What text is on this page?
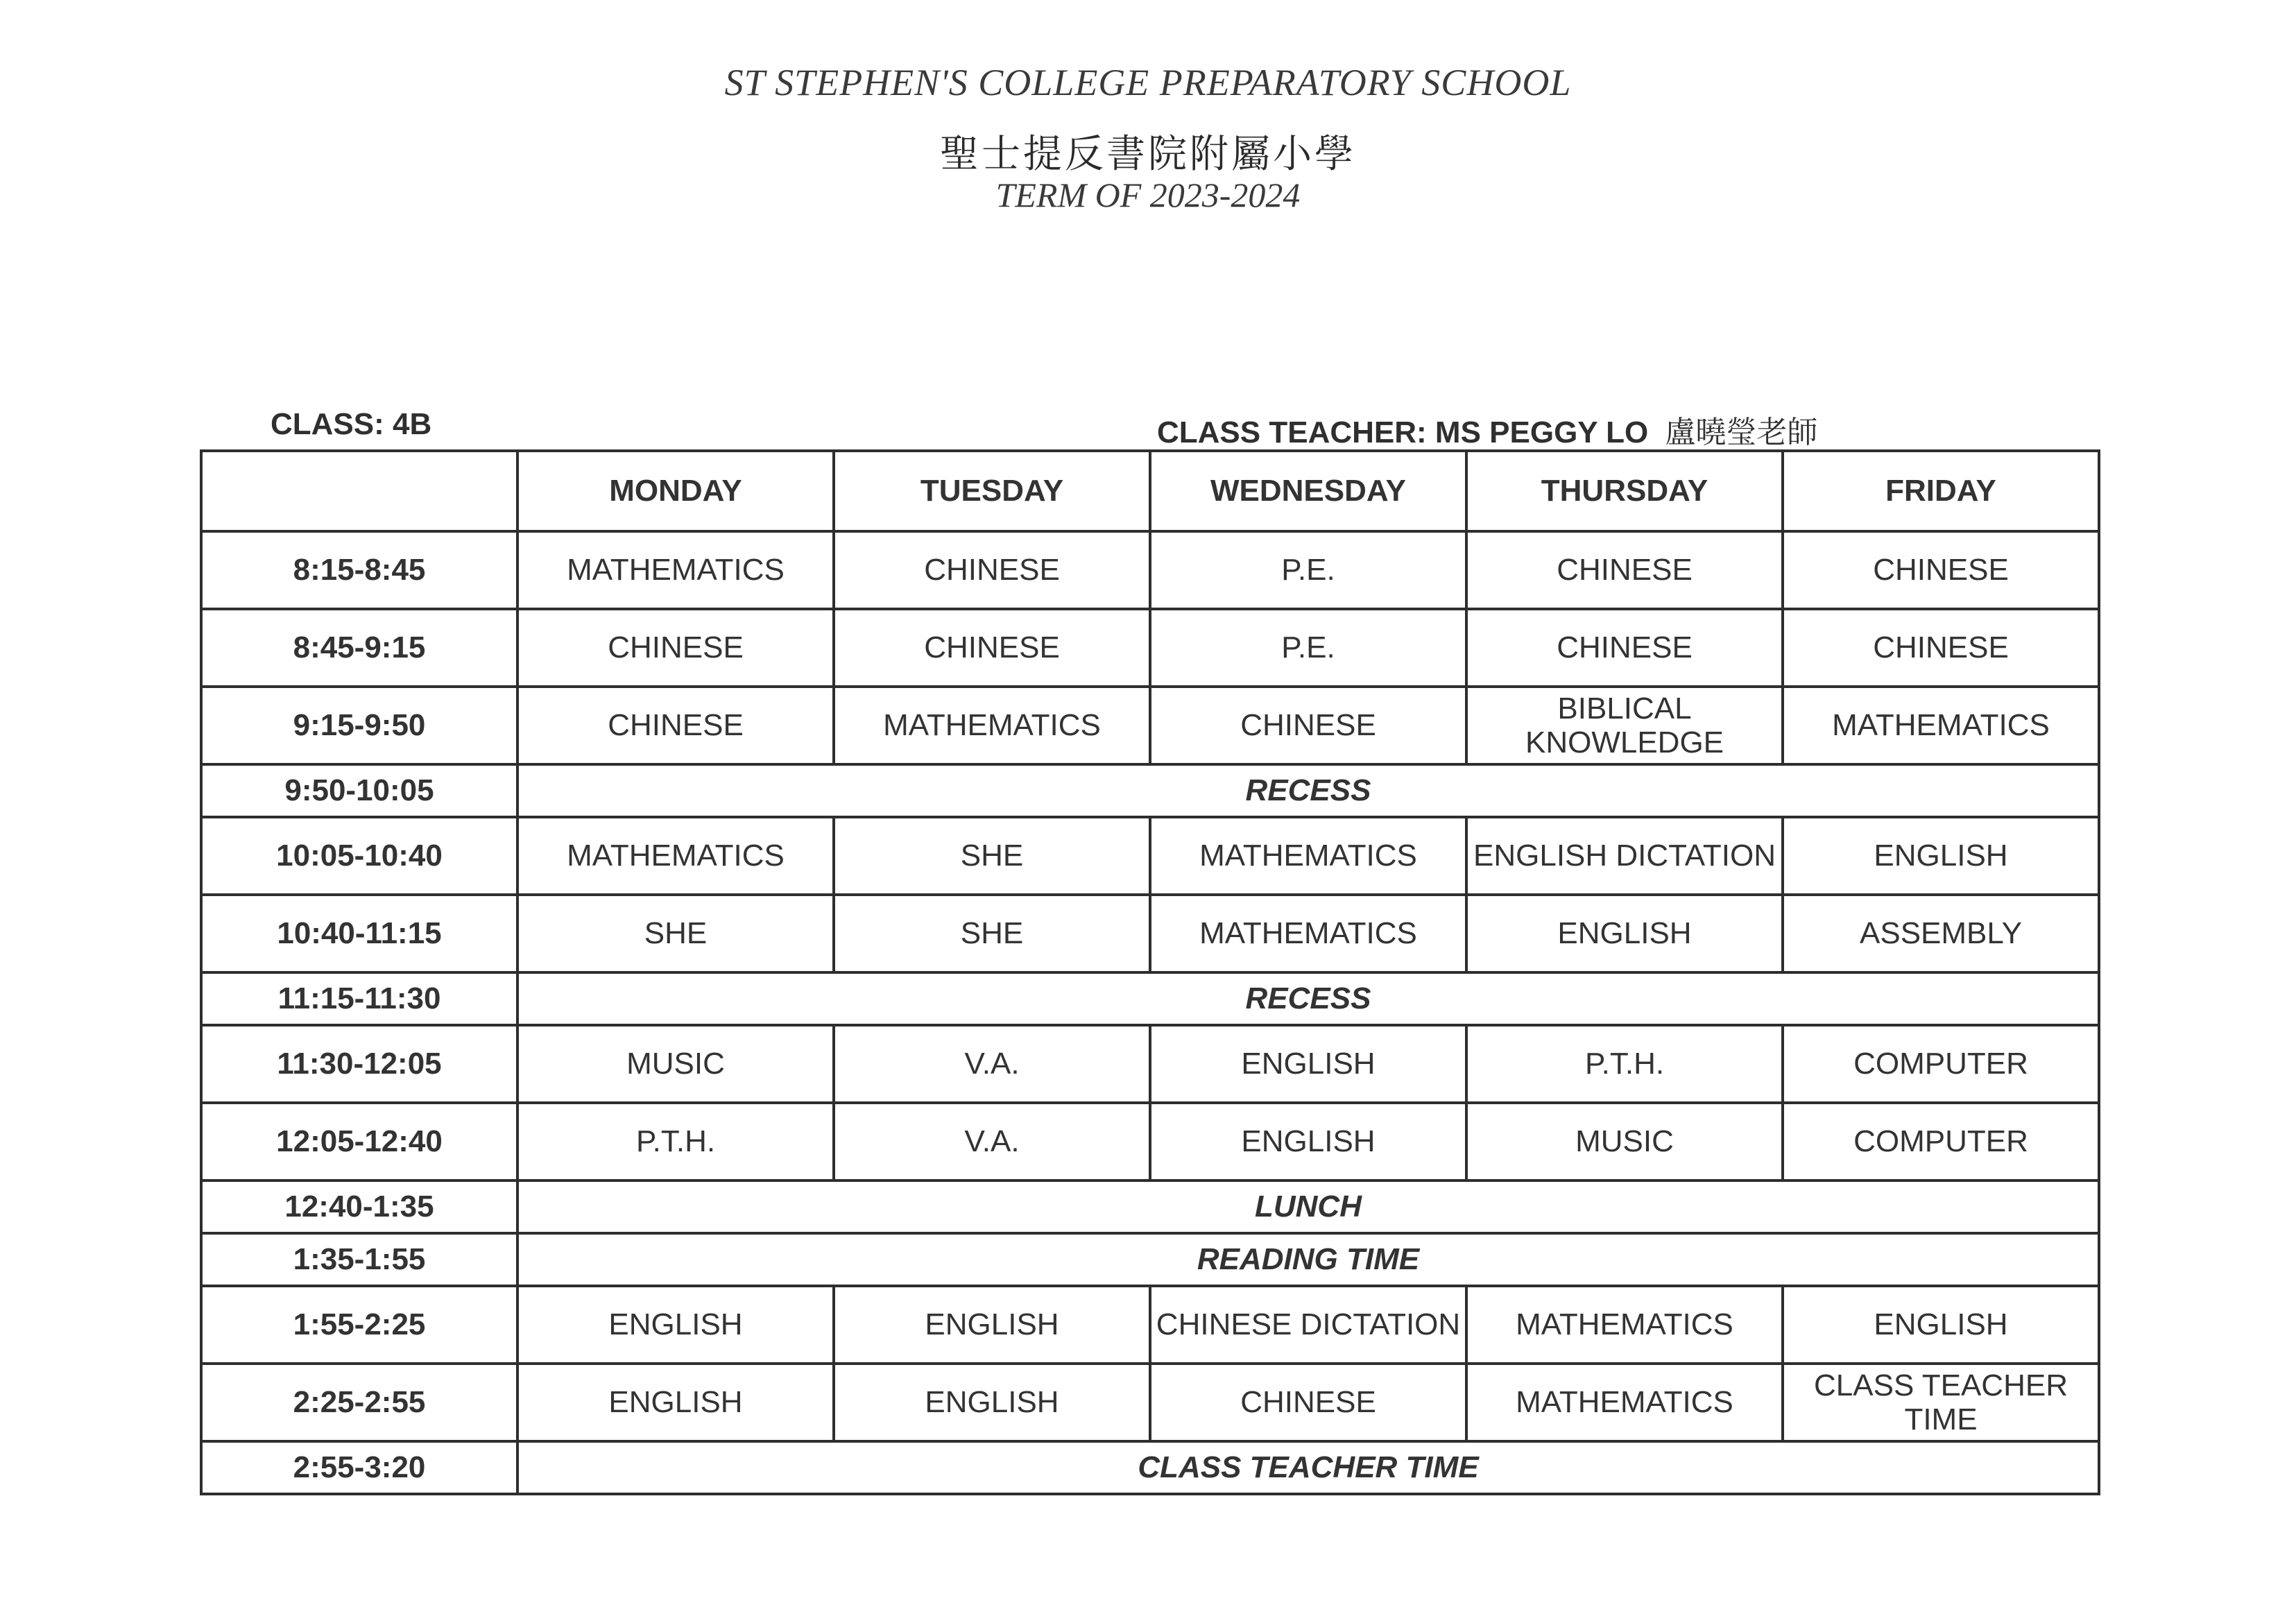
ST STEPHEN'S COLLEGE PREPARATORY SCHOOL
聖士提反書院附屬小學
TERM OF 2023-2024
CLASS: 4B	CLASS TEACHER: MS PEGGY LO 盧曉瑩老師
	MONDAY	TUESDAY	WEDNESDAY	THURSDAY	FRIDAY
8:15-8:45	MATHEMATICS	CHINESE	P.E.	CHINESE	CHINESE
8:45-9:15	CHINESE	CHINESE	P.E.	CHINESE	CHINESE
9:15-9:50	CHINESE	MATHEMATICS	CHINESE	BIBLICAL KNOWLEDGE	MATHEMATICS
9:50-10:05	RECESS				
10:05-10:40	MATHEMATICS	SHE	MATHEMATICS	ENGLISH DICTATION	ENGLISH
10:40-11:15	SHE	SHE	MATHEMATICS	ENGLISH	ASSEMBLY
11:15-11:30	RECESS				
11:30-12:05	MUSIC	V.A.	ENGLISH	P.T.H.	COMPUTER
12:05-12:40	P.T.H.	V.A.	ENGLISH	MUSIC	COMPUTER
12:40-1:35	LUNCH				
1:35-1:55	READING TIME				
1:55-2:25	ENGLISH	ENGLISH	CHINESE DICTATION	MATHEMATICS	ENGLISH
2:25-2:55	ENGLISH	ENGLISH	CHINESE	MATHEMATICS	CLASS TEACHER TIME
2:55-3:20	CLASS TEACHER TIME				
